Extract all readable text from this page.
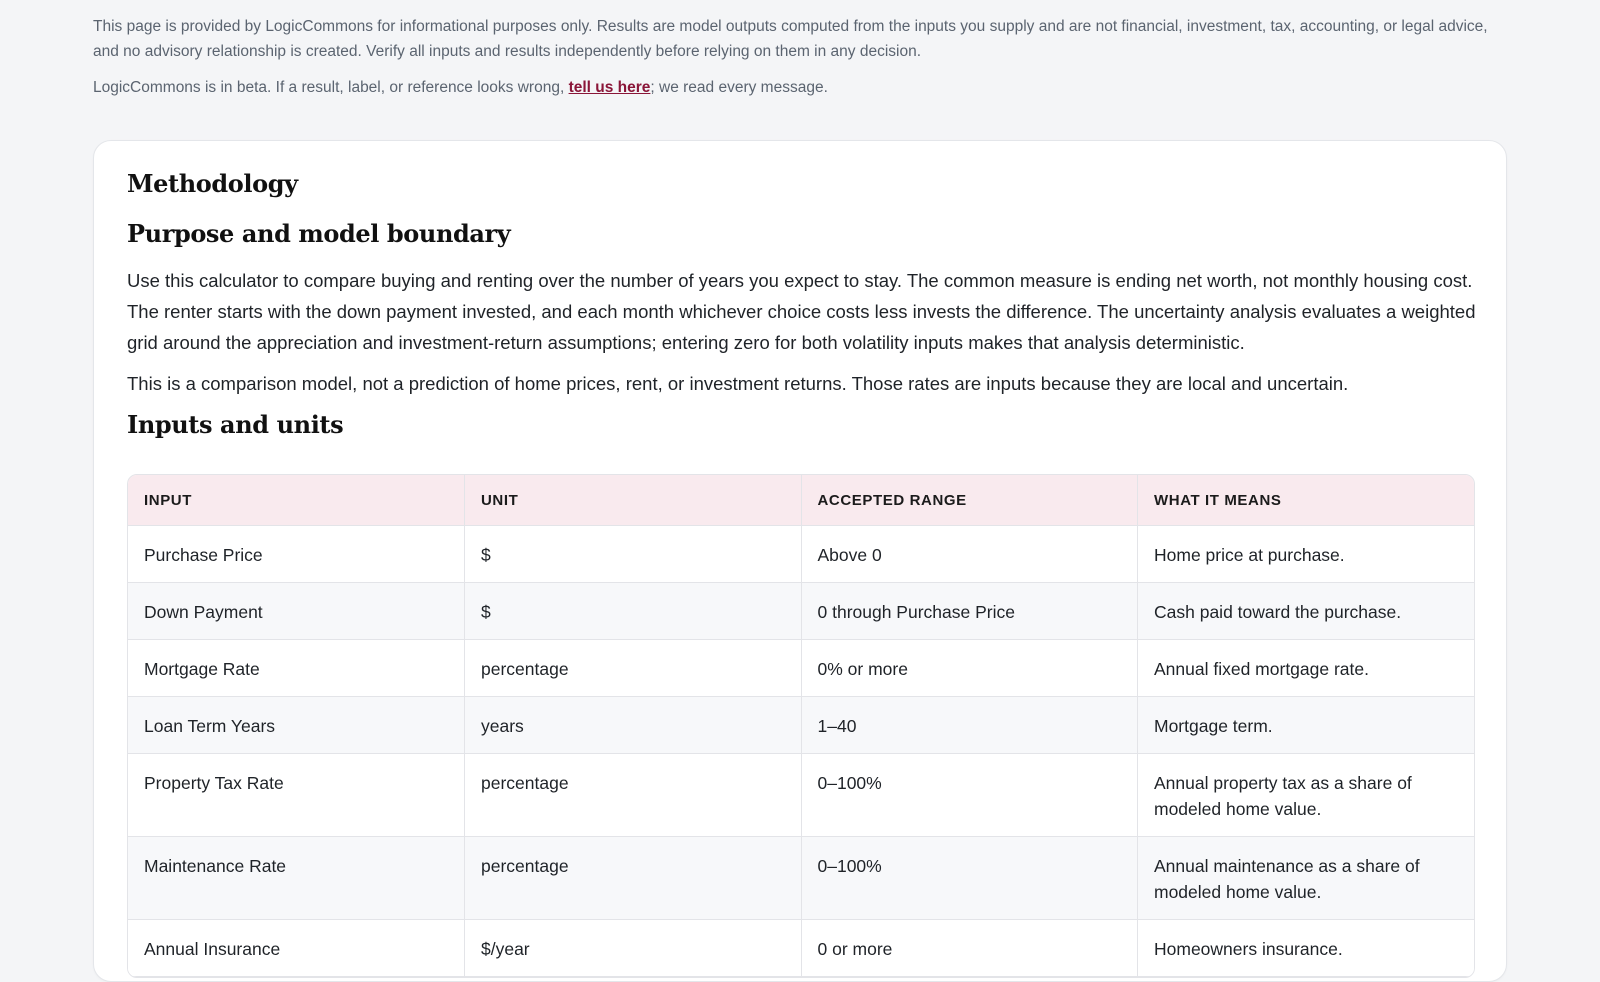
This page is provided by LogicCommons for informational purposes only. Results are model outputs computed from the inputs you supply and are not financial, investment, tax, accounting, or legal advice, and no advisory relationship is created. Verify all inputs and results independently before relying on them in any decision.

LogicCommons is in beta. If a result, label, or reference looks wrong, tell us here; we read every message.

Methodology
Purpose and model boundary

Use this calculator to compare buying and renting over the number of years you expect to stay. The common measure is ending net worth, not monthly housing cost. The renter starts with the down payment invested, and each month whichever choice costs less invests the difference. The uncertainty analysis evaluates a weighted grid around the appreciation and investment-return assumptions; entering zero for both volatility inputs makes that analysis deterministic.

This is a comparison model, not a prediction of home prices, rent, or investment returns. Those rates are inputs because they are local and uncertain.

Inputs and units
INPUT	UNIT	ACCEPTED RANGE	WHAT IT MEANS
Purchase Price	$	Above 0	Home price at purchase.
Down Payment	$	0 through Purchase Price	Cash paid toward the purchase.
Mortgage Rate	percentage	0% or more	Annual fixed mortgage rate.
Loan Term Years	years	1–40	Mortgage term.
Property Tax Rate	percentage	0–100%	Annual property tax as a share of modeled home value.
Maintenance Rate	percentage	0–100%	Annual maintenance as a share of modeled home value.
Annual Insurance	$/year	0 or more	Homeowners insurance.
